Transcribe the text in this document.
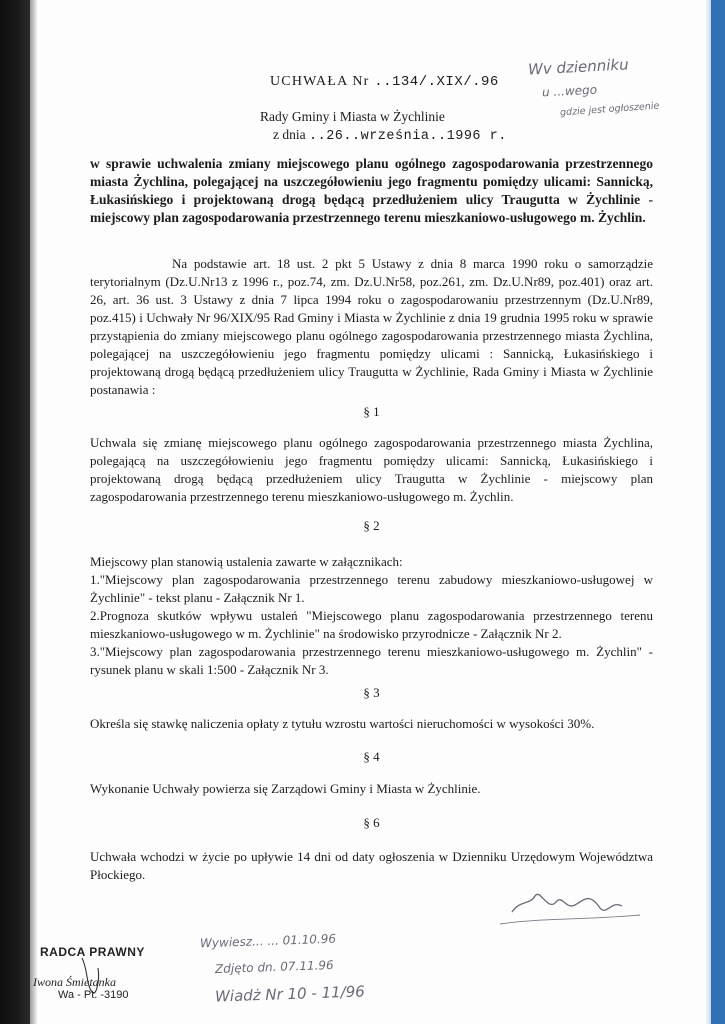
UCHWAŁA Nr ..134/.XIX/.96
Rady Gminy i Miasta w Żychlinie
z dnia ..26..września..1996 r.

w sprawie uchwalenia zmiany miejscowego planu ogólnego zagospodarowania przestrzennego miasta Żychlina, polegającej na uszczegółowieniu jego fragmentu pomiędzy ulicami: Sannicką, Łukasińskiego i projektowaną drogą będącą przedłużeniem ulicy Traugutta w Żychlinie - miejscowy plan zagospodarowania przestrzennego terenu mieszkaniowo-usługowego m. Żychlin.

Na podstawie art. 18 ust. 2 pkt 5 Ustawy z dnia 8 marca 1990 roku o samorządzie terytorialnym (Dz.U.Nr13 z 1996 r., poz.74, zm. Dz.U.Nr58, poz.261, zm. Dz.U.Nr89, poz.401) oraz art. 26, art. 36 ust. 3 Ustawy z dnia 7 lipca 1994 roku o zagospodarowaniu przestrzennym (Dz.U.Nr89, poz.415) i Uchwały Nr 96/XIX/95 Rad Gminy i Miasta w Żychlinie z dnia 19 grudnia 1995 roku w sprawie przystąpienia do zmiany miejscowego planu ogólnego zagospodarowania przestrzennego miasta Żychlina, polegającej na uszczegółowieniu jego fragmentu pomiędzy ulicami : Sannicką, Łukasińskiego i projektowaną drogą będącą przedłużeniem ulicy Traugutta w Żychlinie, Rada Gminy i Miasta w Żychlinie postanawia :

§ 1

Uchwala się zmianę miejscowego planu ogólnego zagospodarowania przestrzennego miasta Żychlina, polegającą na uszczegółowieniu jego fragmentu pomiędzy ulicami: Sannicką, Łukasińskiego i projektowaną drogą będącą przedłużeniem ulicy Traugutta w Żychlinie - miejscowy plan zagospodarowania przestrzennego terenu mieszkaniowo-usługowego m. Żychlin.

§ 2

Miejscowy plan stanowią ustalenia zawarte w załącznikach:

1."Miejscowy plan zagospodarowania przestrzennego terenu zabudowy mieszkaniowo-usługowej w Żychlinie" - tekst planu - Załącznik Nr 1.

2.Prognoza skutków wpływu ustaleń "Miejscowego planu zagospodarowania przestrzennego terenu mieszkaniowo-usługowego w m. Żychlinie" na środowisko przyrodnicze - Załącznik Nr 2.

3."Miejscowy plan zagospodarowania przestrzennego terenu mieszkaniowo-usługowego m. Żychlin" - rysunek planu w skali 1:500 - Załącznik Nr 3.

§ 3

Określa się stawkę naliczenia opłaty z tytułu wzrostu wartości nieruchomości w wysokości 30%.

§ 4

Wykonanie Uchwały powierza się Zarządowi Gminy i Miasta w Żychlinie.

§ 6

Uchwała wchodzi w życie po upływie 14 dni od daty ogłoszenia w Dzienniku Urzędowym Województwa Płockiego.

Wv dzienniku
u ...wego
gdzie jest ogłoszenie
Wywiesz... ... 01.10.96
Zdjęto dn. 07.11.96
Wiadż Nr 10 - 11/96
RADCA PRAWNY
Iwona Śmietanka
Wa - Pt. -3190
